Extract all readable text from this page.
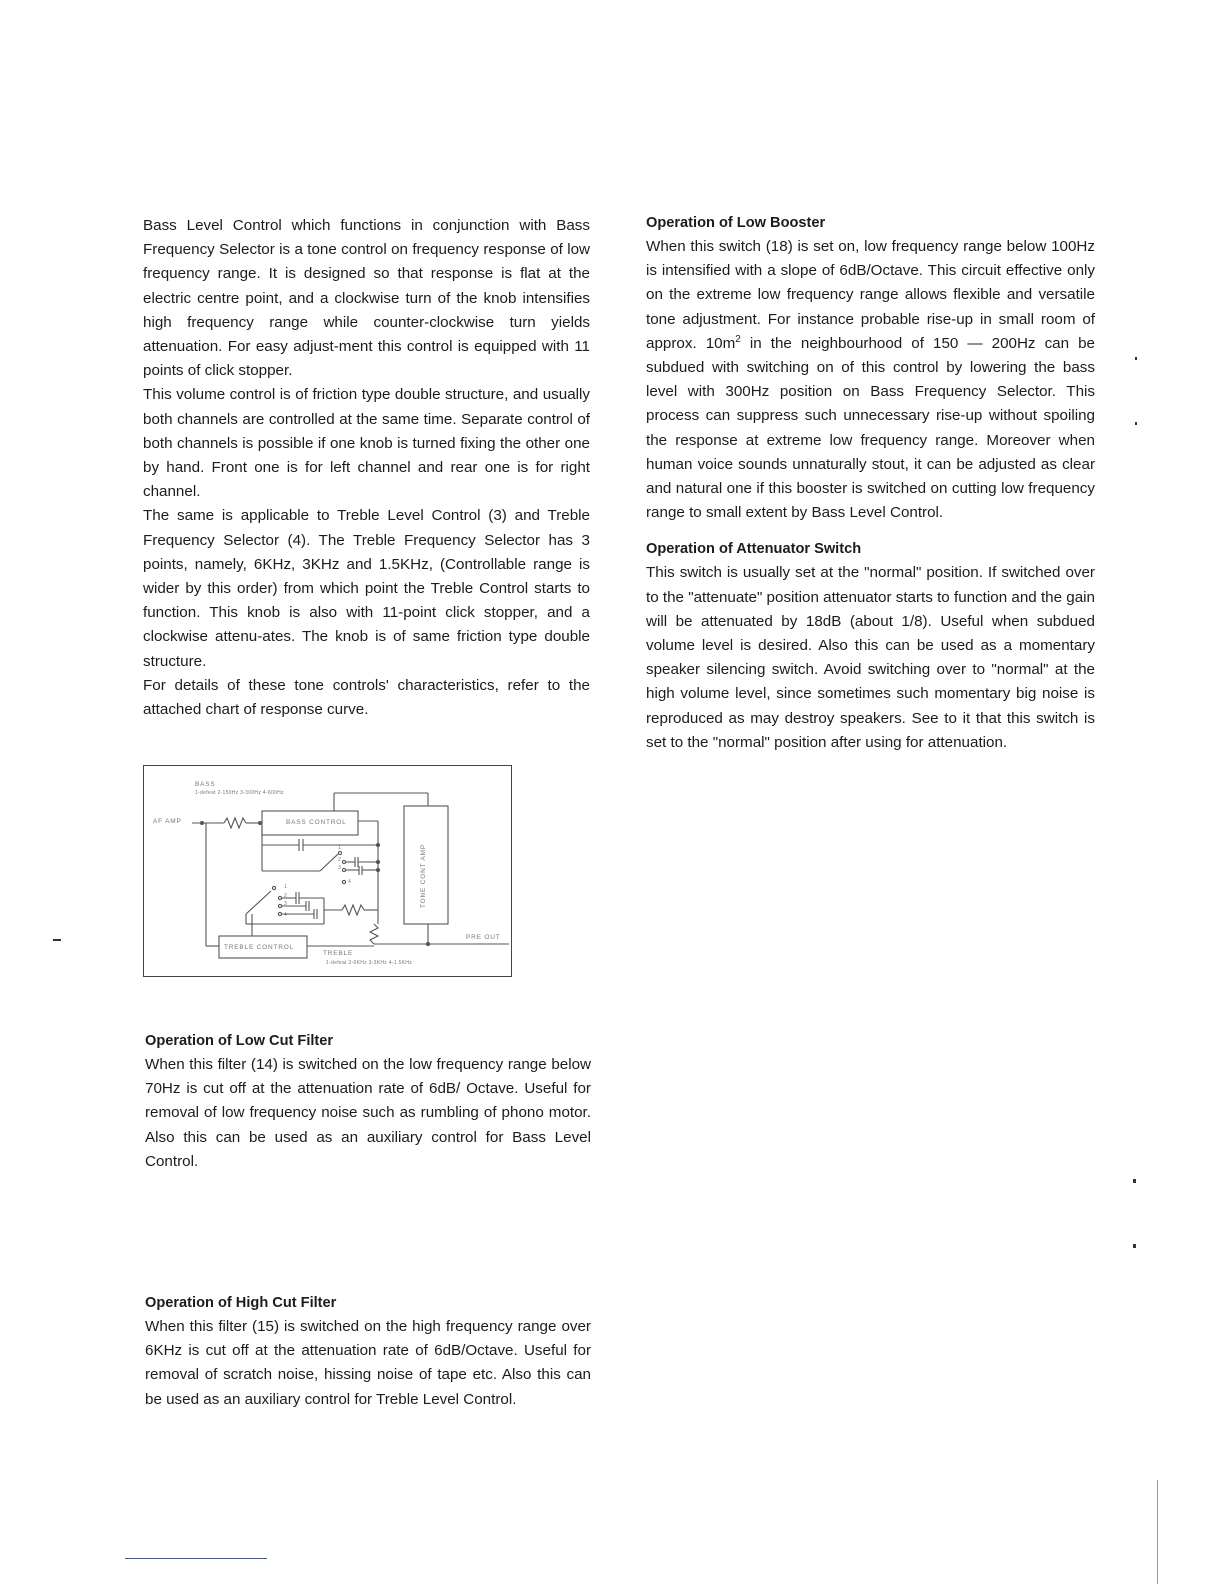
Bass Level Control which functions in conjunction with Bass Frequency Selector is a tone control on frequency response of low frequency range. It is designed so that response is flat at the electric centre point, and a clockwise turn of the knob intensifies high frequency range while counter-clockwise turn yields attenuation. For easy adjust-ment this control is equipped with 11 points of click stopper.

This volume control is of friction type double structure, and usually both channels are controlled at the same time. Separate control of both channels is possible if one knob is turned fixing the other one by hand. Front one is for left channel and rear one is for right channel.

The same is applicable to Treble Level Control (3) and Treble Frequency Selector (4). The Treble Frequency Selector has 3 points, namely, 6KHz, 3KHz and 1.5KHz, (Controllable range is wider by this order) from which point the Treble Control starts to function. This knob is also with 11-point click stopper, and a clockwise attenu-ates. The knob is of same friction type double structure.

For details of these tone controls' characteristics, refer to the attached chart of response curve.

BASS
1-defeat 2-150Hz 3-300Hz 4-600Hz
AF AMP	BASS CONTROL
TONE CONT AMP
TREBLE CONTROL
TREBLE
1-defeat 2-6KHz 3-3KHz 4-1.5KHz
PRE OUT
1
2
3
4
1
2
3
4
Operation of Low Cut Filter

When this filter (14) is switched on the low frequency range below 70Hz is cut off at the attenuation rate of 6dB/ Octave. Useful for removal of low frequency noise such as rumbling of phono motor. Also this can be used as an auxiliary control for Bass Level Control.

Operation of High Cut Filter

When this filter (15) is switched on the high frequency range over 6KHz is cut off at the attenuation rate of 6dB/Octave. Useful for removal of scratch noise, hissing noise of tape etc. Also this can be used as an auxiliary control for Treble Level Control.

Operation of Low Booster

When this switch (18) is set on, low frequency range below 100Hz is intensified with a slope of 6dB/Octave. This circuit effective only on the extreme low frequency range allows flexible and versatile tone adjustment. For instance probable rise-up in small room of approx. $10m^2$ in the neighbourhood of 150 — 200Hz can be subdued with switching on of this control by lowering the bass level with 300Hz position on Bass Frequency Selector. This process can suppress such unnecessary rise-up without spoiling the response at extreme low frequency range. Moreover when human voice sounds unnaturally stout, it can be adjusted as clear and natural one if this booster is switched on cutting low frequency range to small extent by Bass Level Control.

Operation of Attenuator Switch

This switch is usually set at the "normal" position. If switched over to the "attenuate" position attenuator starts to function and the gain will be attenuated by 18dB (about 1/8). Useful when subdued volume level is desired. Also this can be used as a momentary speaker silencing switch. Avoid switching over to "normal" at the high volume level, since sometimes such momentary big noise is reproduced as may destroy speakers. See to it that this switch is set to the "normal" position after using for attenuation.
